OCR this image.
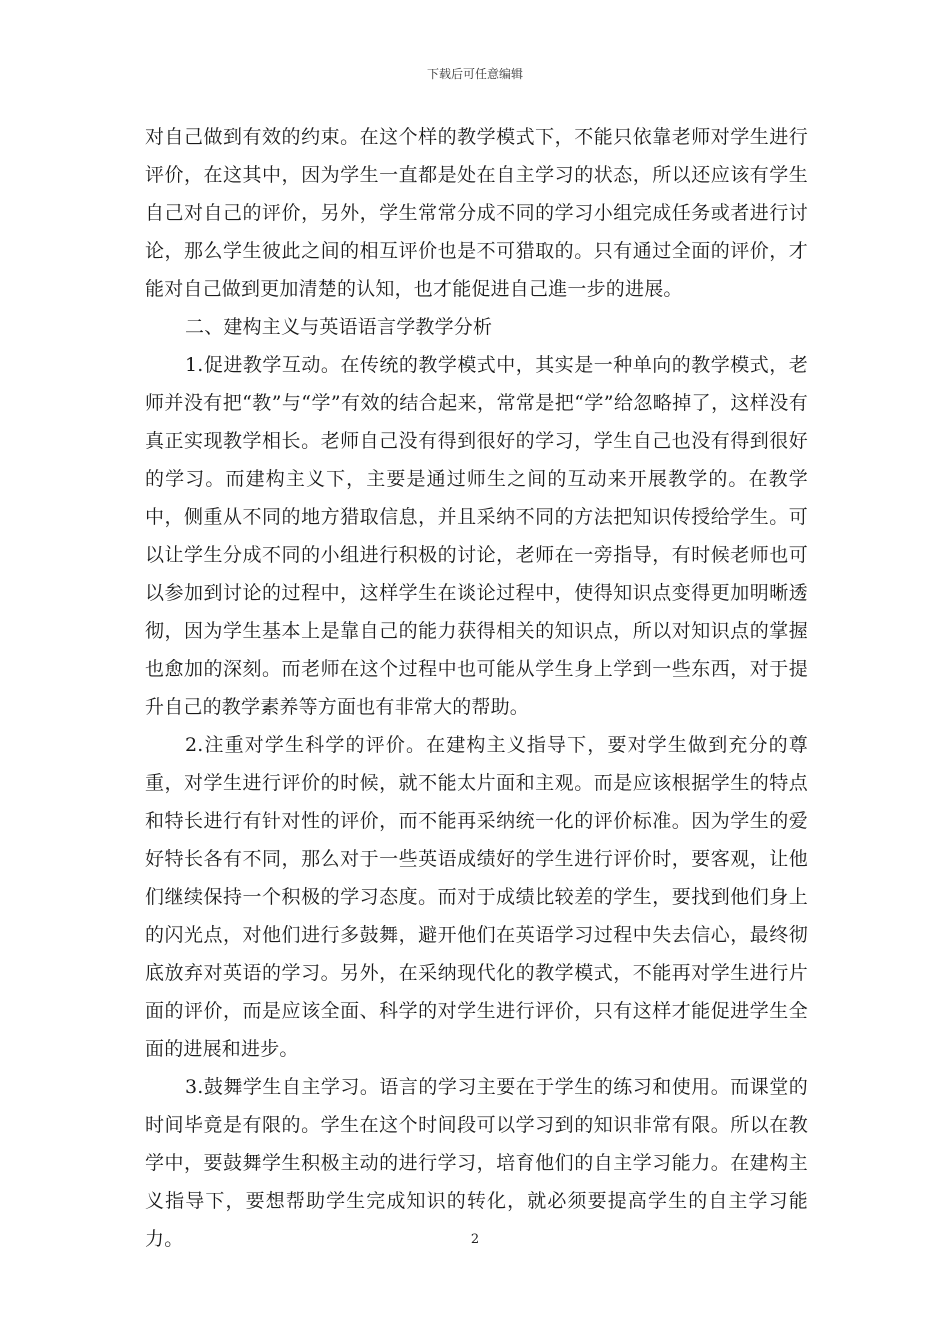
下载后可任意编辑

对自己做到有效的约束。在这个样的教学模式下，不能只依靠老师对学生进行评价，在这其中，因为学生一直都是处在自主学习的状态，所以还应该有学生自己对自己的评价，另外，学生常常分成不同的学习小组完成任务或者进行讨论，那么学生彼此之间的相互评价也是不可猎取的。只有通过全面的评价，才能对自己做到更加清楚的认知，也才能促进自己進一步的进展。

二、建构主义与英语语言学教学分析

1.促进教学互动。在传统的教学模式中，其实是一种单向的教学模式，老师并没有把“教”与“学”有效的结合起来，常常是把“学”给忽略掉了，这样没有真正实现教学相长。老师自己没有得到很好的学习，学生自己也没有得到很好的学习。而建构主义下，主要是通过师生之间的互动来开展教学的。在教学中，侧重从不同的地方猎取信息，并且采纳不同的方法把知识传授给学生。可以让学生分成不同的小组进行积极的讨论，老师在一旁指导，有时候老师也可以参加到讨论的过程中，这样学生在谈论过程中，使得知识点变得更加明晰透彻，因为学生基本上是靠自己的能力获得相关的知识点，所以对知识点的掌握也愈加的深刻。而老师在这个过程中也可能从学生身上学到一些东西，对于提升自己的教学素养等方面也有非常大的帮助。

2.注重对学生科学的评价。在建构主义指导下，要对学生做到充分的尊重，对学生进行评价的时候，就不能太片面和主观。而是应该根据学生的特点和特长进行有针对性的评价，而不能再采纳统一化的评价标准。因为学生的爱好特长各有不同，那么对于一些英语成绩好的学生进行评价时，要客观，让他们继续保持一个积极的学习态度。而对于成绩比较差的学生，要找到他们身上的闪光点，对他们进行多鼓舞，避开他们在英语学习过程中失去信心，最终彻底放弃对英语的学习。另外，在采纳现代化的教学模式，不能再对学生进行片面的评价，而是应该全面、科学的对学生进行评价，只有这样才能促进学生全面的进展和进步。

3.鼓舞学生自主学习。语言的学习主要在于学生的练习和使用。而课堂的时间毕竟是有限的。学生在这个时间段可以学习到的知识非常有限。所以在教学中，要鼓舞学生积极主动的进行学习，培育他们的自主学习能力。在建构主义指导下，要想帮助学生完成知识的转化，就必须要提高学生的自主学习能力。	2
